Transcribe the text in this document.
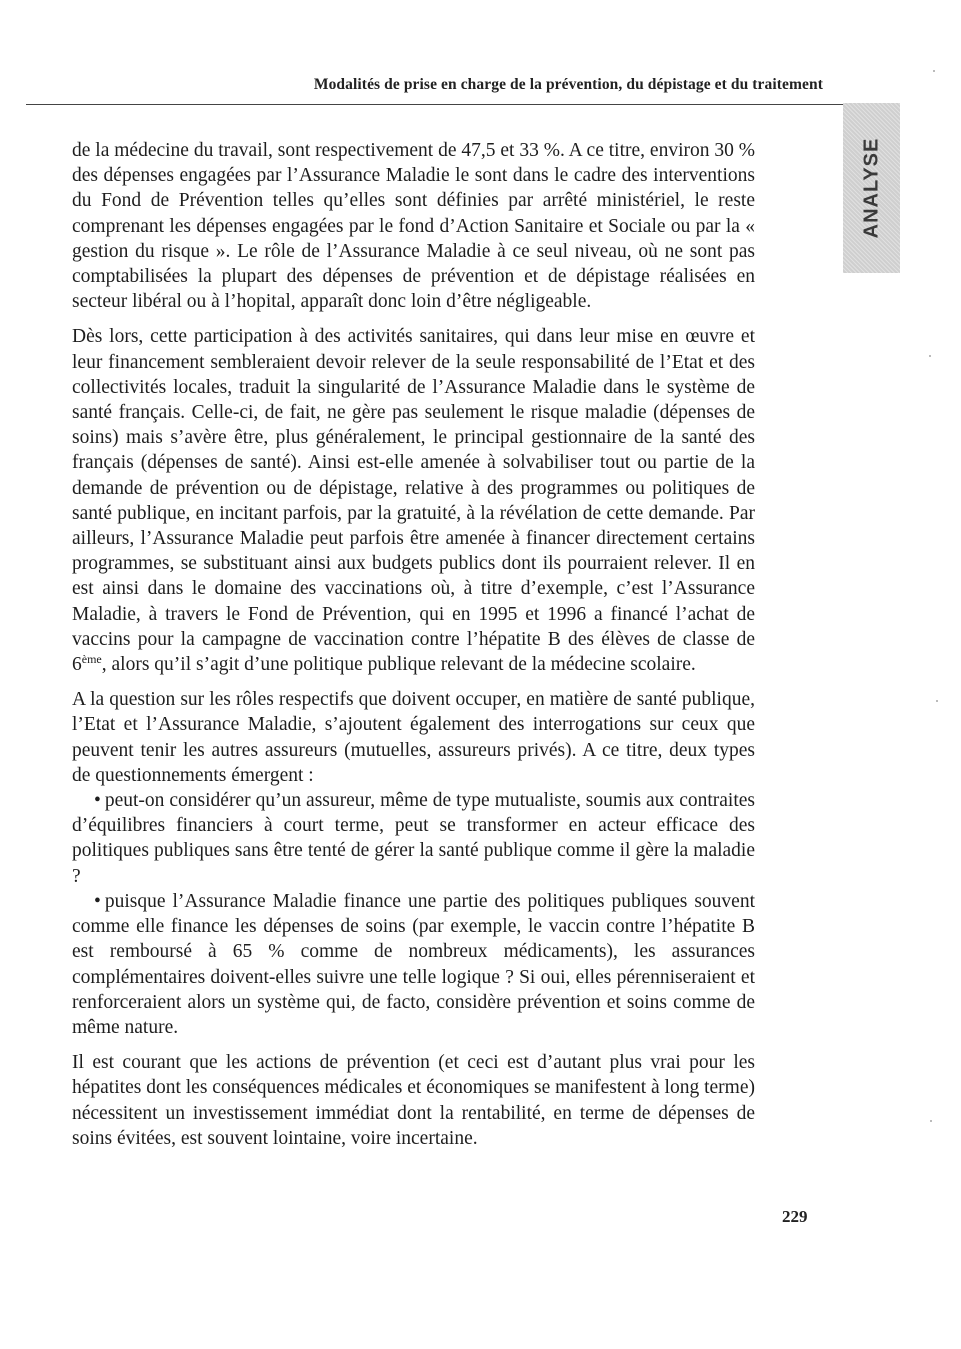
Modalités de prise en charge de la prévention, du dépistage et du traitement
ANALYSE

de la médecine du travail, sont respectivement de 47,5 et 33 %. A ce titre, environ 30 % des dépenses engagées par l’Assurance Maladie le sont dans le cadre des interventions du Fond de Prévention telles qu’elles sont définies par arrêté ministériel, le reste comprenant les dépenses engagées par le fond d’Action Sanitaire et Sociale ou par la « gestion du risque ». Le rôle de l’Assurance Maladie à ce seul niveau, où ne sont pas comptabilisées la plupart des dépenses de prévention et de dépistage réalisées en secteur libéral ou à l’hopital, apparaît donc loin d’être négligeable.

Dès lors, cette participation à des activités sanitaires, qui dans leur mise en œuvre et leur financement sembleraient devoir relever de la seule responsabilité de l’Etat et des collectivités locales, traduit la singularité de l’Assurance Maladie dans le système de santé français. Celle-ci, de fait, ne gère pas seulement le risque maladie (dépenses de soins) mais s’avère être, plus généralement, le principal gestionnaire de la santé des français (dépenses de santé). Ainsi est-elle amenée à solvabiliser tout ou partie de la demande de prévention ou de dépistage, relative à des programmes ou politiques de santé publique, en incitant parfois, par la gratuité, à la révélation de cette demande. Par ailleurs, l’Assurance Maladie peut parfois être amenée à financer directement certains programmes, se substituant ainsi aux budgets publics dont ils pourraient relever. Il en est ainsi dans le domaine des vaccinations où, à titre d’exemple, c’est l’Assurance Maladie, à travers le Fond de Prévention, qui en 1995 et 1996 a financé l’achat de vaccins pour la campagne de vaccination contre l’hépatite B des élèves de classe de 6ème, alors qu’il s’agit d’une politique publique relevant de la médecine scolaire.

A la question sur les rôles respectifs que doivent occuper, en matière de santé publique, l’Etat et l’Assurance Maladie, s’ajoutent également des interrogations sur ceux que peuvent tenir les autres assureurs (mutuelles, assureurs privés). A ce titre, deux types de questionnements émergent :

• peut-on considérer qu’un assureur, même de type mutualiste, soumis aux contraites d’équilibres financiers à court terme, peut se transformer en acteur efficace des politiques publiques sans être tenté de gérer la santé publique comme il gère la maladie ?

• puisque l’Assurance Maladie finance une partie des politiques publiques souvent comme elle finance les dépenses de soins (par exemple, le vaccin contre l’hépatite B est remboursé à 65 % comme de nombreux médicaments), les assurances complémentaires doivent-elles suivre une telle logique ? Si oui, elles pérenniseraient et renforceraient alors un système qui, de facto, considère prévention et soins comme de même nature.

Il est courant que les actions de prévention (et ceci est d’autant plus vrai pour les hépatites dont les conséquences médicales et économiques se manifestent à long terme) nécessitent un investissement immédiat dont la rentabilité, en terme de dépenses de soins évitées, est souvent lointaine, voire incertaine.

229
